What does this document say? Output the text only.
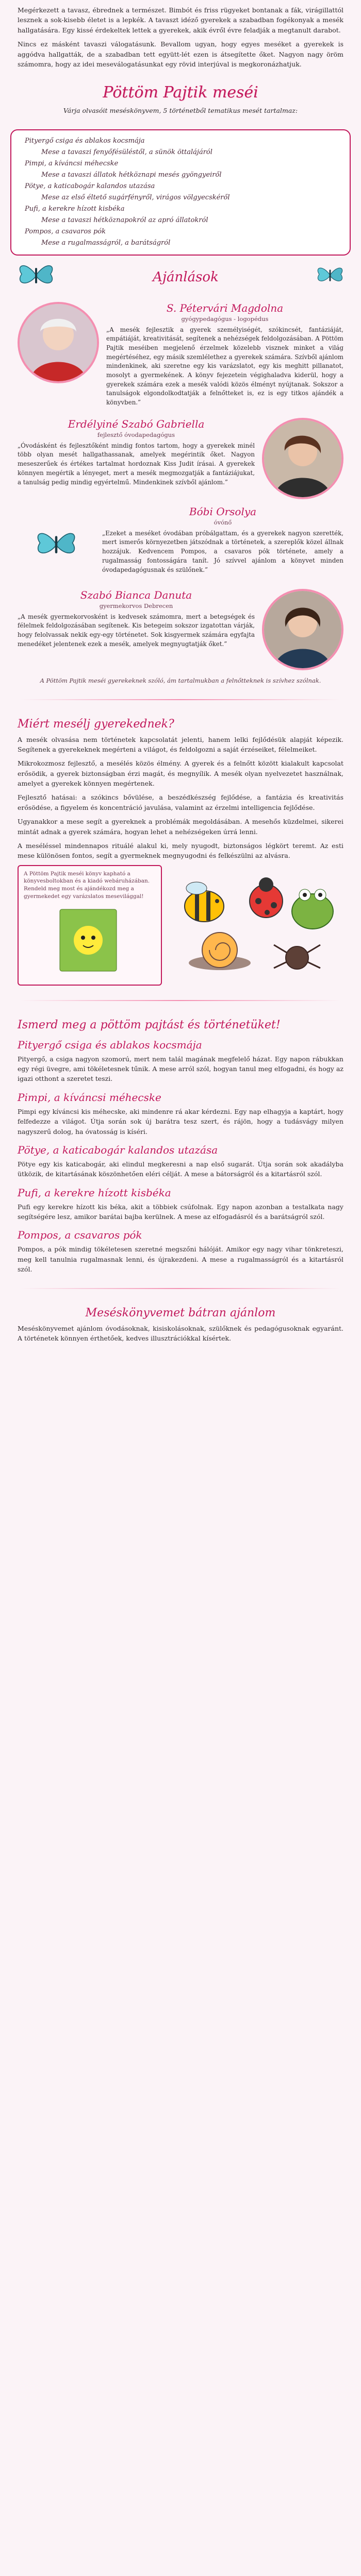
Megérkezett a tavasz, ébrednek a természet. Bimbót és friss rügyeket bontanak a fák, virágillattól lesznek a sok-kisebb életet is a lepkék. A tavaszt idéző gyerekek a szabadban fogékonyak a mesék hallgatására. Egy kissé érdekeltek lettek a gyerekek, akik évről évre feladják a megtanult darabot.

Nincs ez másként tavaszi válogatásunk. Bevallom ugyan, hogy egyes meséket a gyerekek is aggódva hallgatták, de a szabadban tett együtt-lét ezen is átsegítette őket. Nagyon nagy öröm számomra, hogy az idei meseválogatásunkat egy rövid interjúval is megkoronázhatjuk.

Pöttöm Pajtik meséi

Várja olvasóit meséskönyvem, 5 történetből tematikus mesét tartalmaz:

Pityergő csiga és ablakos kocsmája
Mese a tavaszi fenyőfésüléstől, a sünök öttalájáról
Pimpi, a kíváncsi méhecske
Mese a tavaszi állatok hétköznapi mesés gyöngyeiről
Pötye, a katicabogár kalandos utazása
Mese az első éltető sugárfényről, virágos völgyecskéről
Pufi, a kerekre hízott kisbéka
Mese a tavaszi hétköznapokról az apró állatokról
Pompos, a csavaros pók
Mese a rugalmasságról, a barátságról
Ajánlások
S. Pétervári Magdolna
gyógypedagógus - logopédus

„A mesék fejlesztik a gyerek személyiségét, szókincsét, fantáziáját, empátiáját, kreativitását, segítenek a nehézségek feldolgozásában. A Pöttöm Pajtik meséiben megjelenő érzelmek közelebb visznek minket a világ megértéséhez, egy másik szemlélethez a gyerekek számára. Szívből ajánlom mindenkinek, aki szeretne egy kis varázslatot, egy kis meghitt pillanatot, mosolyt a gyermekének. A könyv fejezetein végighaladva kiderül, hogy a gyerekek számára ezek a mesék valódi közös élményt nyújtanak. Sokszor a tanulságok elgondolkodtatják a felnőtteket is, ez is egy titkos ajándék a könyvben.”

Erdélyiné Szabó Gabriella
fejlesztő óvodapedagógus

„Óvodásként és fejlesztőként mindig fontos tartom, hogy a gyerekek minél több olyan mesét hallgathassanak, amelyek megérintik őket. Nagyon meseszerűek és értékes tartalmat hordoznak Kiss Judit írásai. A gyerekek könnyen megértik a lényeget, mert a mesék megmozgatják a fantáziájukat, a tanulság pedig mindig egyértelmű. Mindenkinek szívből ajánlom.”

Bóbi Orsolya
óvónő

„Ezeket a meséket óvodában próbálgattam, és a gyerekek nagyon szerették, mert ismerős környezetben játszódnak a történetek, a szereplők közel állnak hozzájuk. Kedvencem Pompos, a csavaros pók története, amely a rugalmasság fontosságára tanít. Jó szívvel ajánlom a könyvet minden óvodapedagógusnak és szülőnek.”

Szabó Bianca Danuta
gyermekorvos Debrecen

„A mesék gyermekorvosként is kedvesek számomra, mert a betegségek és félelmek feldolgozásában segítenek. Kis betegeim sokszor izgatottan várják, hogy felolvassak nekik egy-egy történetet. Sok kisgyermek számára egyfajta menedéket jelentenek ezek a mesék, amelyek megnyugtatják őket.”

A Pöttöm Pajtik meséi gyerekeknek szóló, ám tartalmukban a felnőtteknek is szívhez szólnak.

Miért mesélj gyerekednek?

A mesék olvasása nem történetek kapcsolatát jelenti, hanem lelki fejlődésük alapját képezik. Segítenek a gyerekeknek megérteni a világot, és feldolgozni a saját érzéseiket, félelmeiket.

Mikrokozmosz fejlesztő, a mesélés közös élmény. A gyerek és a felnőtt között kialakult kapcsolat erősödik, a gyerek biztonságban érzi magát, és megnyílik. A mesék olyan nyelvezetet használnak, amelyet a gyerekek könnyen megértenek.

Fejlesztő hatásai: a szókincs bővülése, a beszédkészség fejlődése, a fantázia és kreativitás erősödése, a figyelem és koncentráció javulása, valamint az érzelmi intelligencia fejlődése.

Ugyanakkor a mese segít a gyereknek a problémák megoldásában. A mesehős küzdelmei, sikerei mintát adnak a gyerek számára, hogyan lehet a nehézségeken úrrá lenni.

A meséléssel mindennapos rituálé alakul ki, mely nyugodt, biztonságos légkört teremt. Az esti mese különösen fontos, segít a gyermeknek megnyugodni és felkészülni az alvásra.

A Pöttöm Pajtik meséi könyv kapható a könyvesboltokban és a kiadó webáruházában. Rendeld meg most és ajándékozd meg a gyermekedet egy varázslatos mesevilággal!
Ismerd meg a pöttöm pajtást és történetüket!
Pityergő csiga és ablakos kocsmája

Pityergő, a csiga nagyon szomorú, mert nem talál magának megfelelő házat. Egy napon rábukkan egy régi üvegre, ami tökéletesnek tűnik. A mese arról szól, hogyan tanul meg elfogadni, és hogy az igazi otthont a szeretet teszi.

Pimpi, a kíváncsi méhecske

Pimpi egy kíváncsi kis méhecske, aki mindenre rá akar kérdezni. Egy nap elhagyja a kaptárt, hogy felfedezze a világot. Útja során sok új barátra tesz szert, és rájön, hogy a tudásvágy milyen nagyszerű dolog, ha óvatosság is kíséri.

Pötye, a katicabogár kalandos utazása

Pötye egy kis katicabogár, aki elindul megkeresni a nap első sugarát. Útja során sok akadályba ütközik, de kitartásának köszönhetően eléri célját. A mese a bátorságról és a kitartásról szól.

Pufi, a kerekre hízott kisbéka

Pufi egy kerekre hízott kis béka, akit a többiek csúfolnak. Egy napon azonban a testalkata nagy segítségére lesz, amikor barátai bajba kerülnek. A mese az elfogadásról és a barátságról szól.

Pompos, a csavaros pók

Pompos, a pók mindig tökéletesen szeretné megszőni hálóját. Amikor egy nagy vihar tönkreteszi, meg kell tanulnia rugalmasnak lenni, és újrakezdeni. A mese a rugalmasságról és a kitartásról szól.

Meséskönyvemet bátran ajánlom

Meséskönyvemet ajánlom óvodásoknak, kisiskolásoknak, szülőknek és pedagógusoknak egyaránt. A történetek könnyen érthetőek, kedves illusztrációkkal kísértek.
